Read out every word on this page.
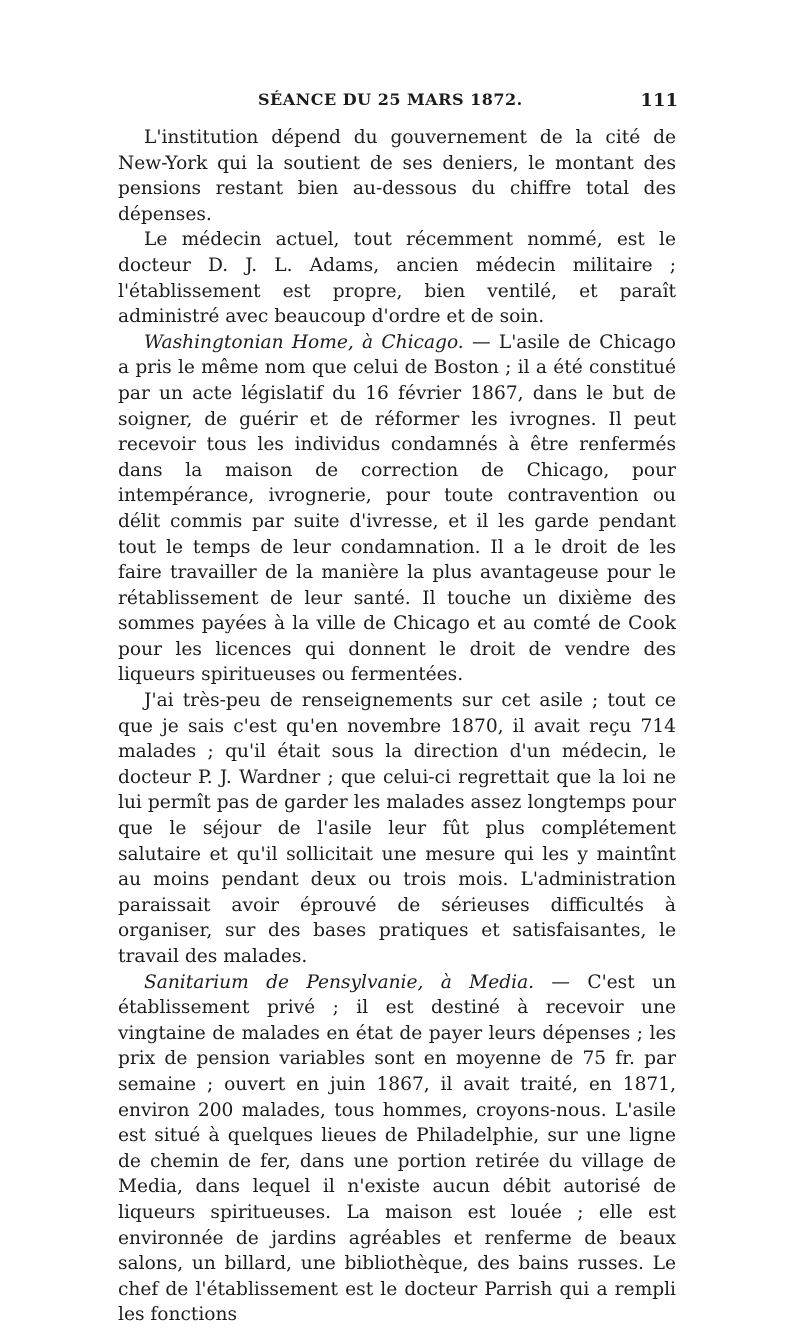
SÉANCE DU 25 MARS 1872.	111

L'institution dépend du gouvernement de la cité de New-York qui la soutient de ses deniers, le montant des pensions restant bien au-dessous du chiffre total des dépenses.

Le médecin actuel, tout récemment nommé, est le docteur D. J. L. Adams, ancien médecin militaire ; l'établissement est propre, bien ventilé, et paraît administré avec beaucoup d'ordre et de soin.

Washingtonian Home, à Chicago. — L'asile de Chicago a pris le même nom que celui de Boston ; il a été constitué par un acte législatif du 16 février 1867, dans le but de soigner, de guérir et de réformer les ivrognes. Il peut recevoir tous les individus condamnés à être renfermés dans la maison de correction de Chicago, pour intempérance, ivrognerie, pour toute contravention ou délit commis par suite d'ivresse, et il les garde pendant tout le temps de leur condamnation. Il a le droit de les faire travailler de la manière la plus avantageuse pour le rétablissement de leur santé. Il touche un dixième des sommes payées à la ville de Chicago et au comté de Cook pour les licences qui donnent le droit de vendre des liqueurs spiritueuses ou fermentées.

J'ai très-peu de renseignements sur cet asile ; tout ce que je sais c'est qu'en novembre 1870, il avait reçu 714 malades ; qu'il était sous la direction d'un médecin, le docteur P. J. Wardner ; que celui-ci regrettait que la loi ne lui permît pas de garder les malades assez longtemps pour que le séjour de l'asile leur fût plus complétement salutaire et qu'il sollicitait une mesure qui les y maintînt au moins pendant deux ou trois mois. L'administration paraissait avoir éprouvé de sérieuses difficultés à organiser, sur des bases pratiques et satisfaisantes, le travail des malades.

Sanitarium de Pensylvanie, à Media. — C'est un établissement privé ; il est destiné à recevoir une vingtaine de malades en état de payer leurs dépenses ; les prix de pension variables sont en moyenne de 75 fr. par semaine ; ouvert en juin 1867, il avait traité, en 1871, environ 200 malades, tous hommes, croyons-nous. L'asile est situé à quelques lieues de Philadelphie, sur une ligne de chemin de fer, dans une portion retirée du village de Media, dans lequel il n'existe aucun débit autorisé de liqueurs spiritueuses. La maison est louée ; elle est environnée de jardins agréables et renferme de beaux salons, un billard, une bibliothèque, des bains russes. Le chef de l'établissement est le docteur Parrish qui a rempli les fonctions
